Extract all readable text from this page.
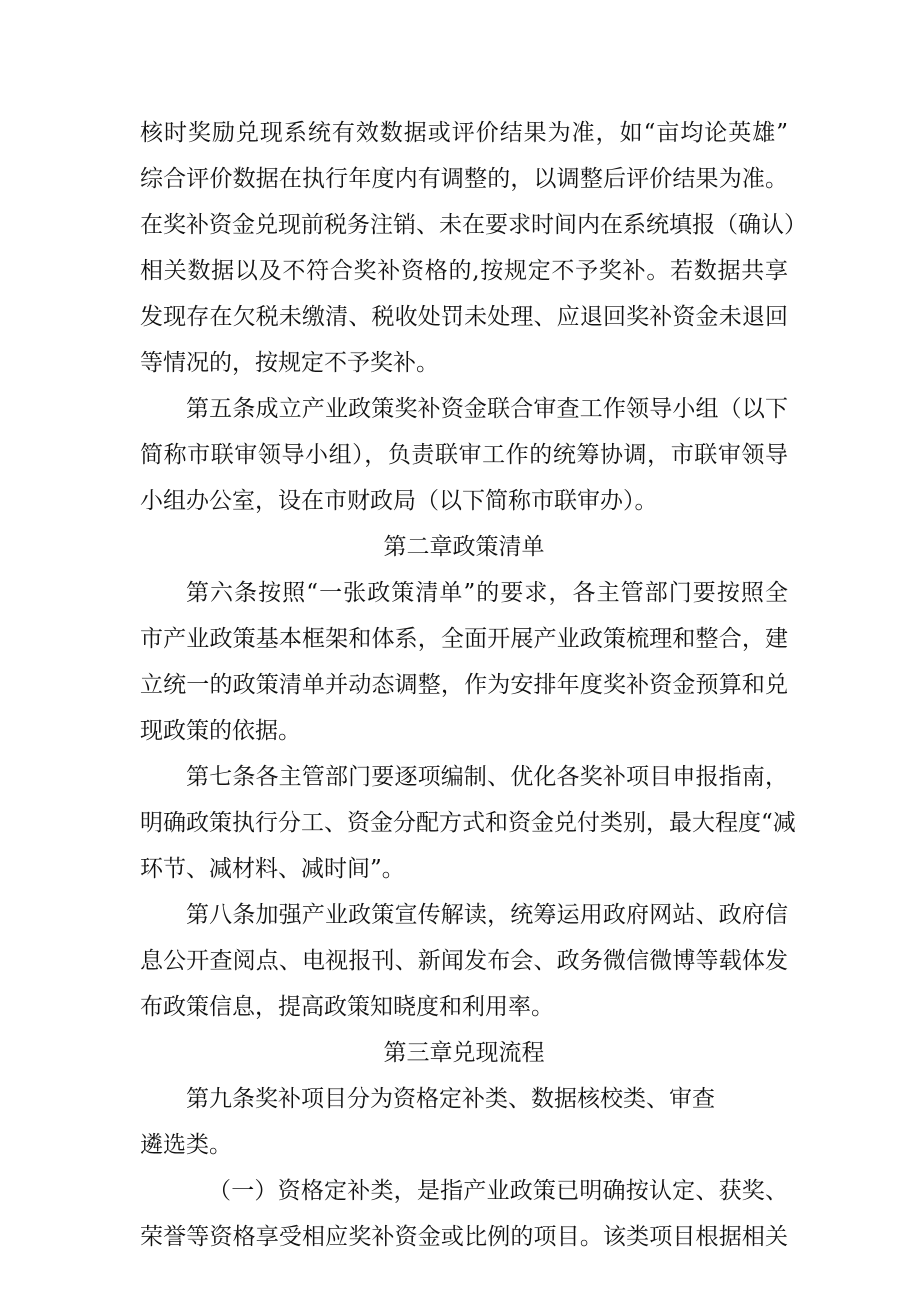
核时奖励兑现系统有效数据或评价结果为准，如“亩均论英雄”
综合评价数据在执行年度内有调整的，以调整后评价结果为准。
在奖补资金兑现前税务注销、未在要求时间内在系统填报（确认）
相关数据以及不符合奖补资格的,按规定不予奖补。若数据共享
发现存在欠税未缴清、税收处罚未处理、应退回奖补资金未退回
等情况的，按规定不予奖补。
第五条成立产业政策奖补资金联合审查工作领导小组（以下
简称市联审领导小组），负责联审工作的统筹协调，市联审领导
小组办公室，设在市财政局（以下简称市联审办）。
第二章政策清单
第六条按照“一张政策清单”的要求，各主管部门要按照全
市产业政策基本框架和体系，全面开展产业政策梳理和整合，建
立统一的政策清单并动态调整，作为安排年度奖补资金预算和兑
现政策的依据。
第七条各主管部门要逐项编制、优化各奖补项目申报指南，
明确政策执行分工、资金分配方式和资金兑付类别，最大程度“减
环节、减材料、减时间”。
第八条加强产业政策宣传解读，统筹运用政府网站、政府信
息公开查阅点、电视报刊、新闻发布会、政务微信微博等载体发
布政策信息，提高政策知晓度和利用率。
第三章兑现流程
第九条奖补项目分为资格定补类、数据核校类、审查
遴选类。
（一）资格定补类，是指产业政策已明确按认定、获奖、
荣誉等资格享受相应奖补资金或比例的项目。该类项目根据相关
